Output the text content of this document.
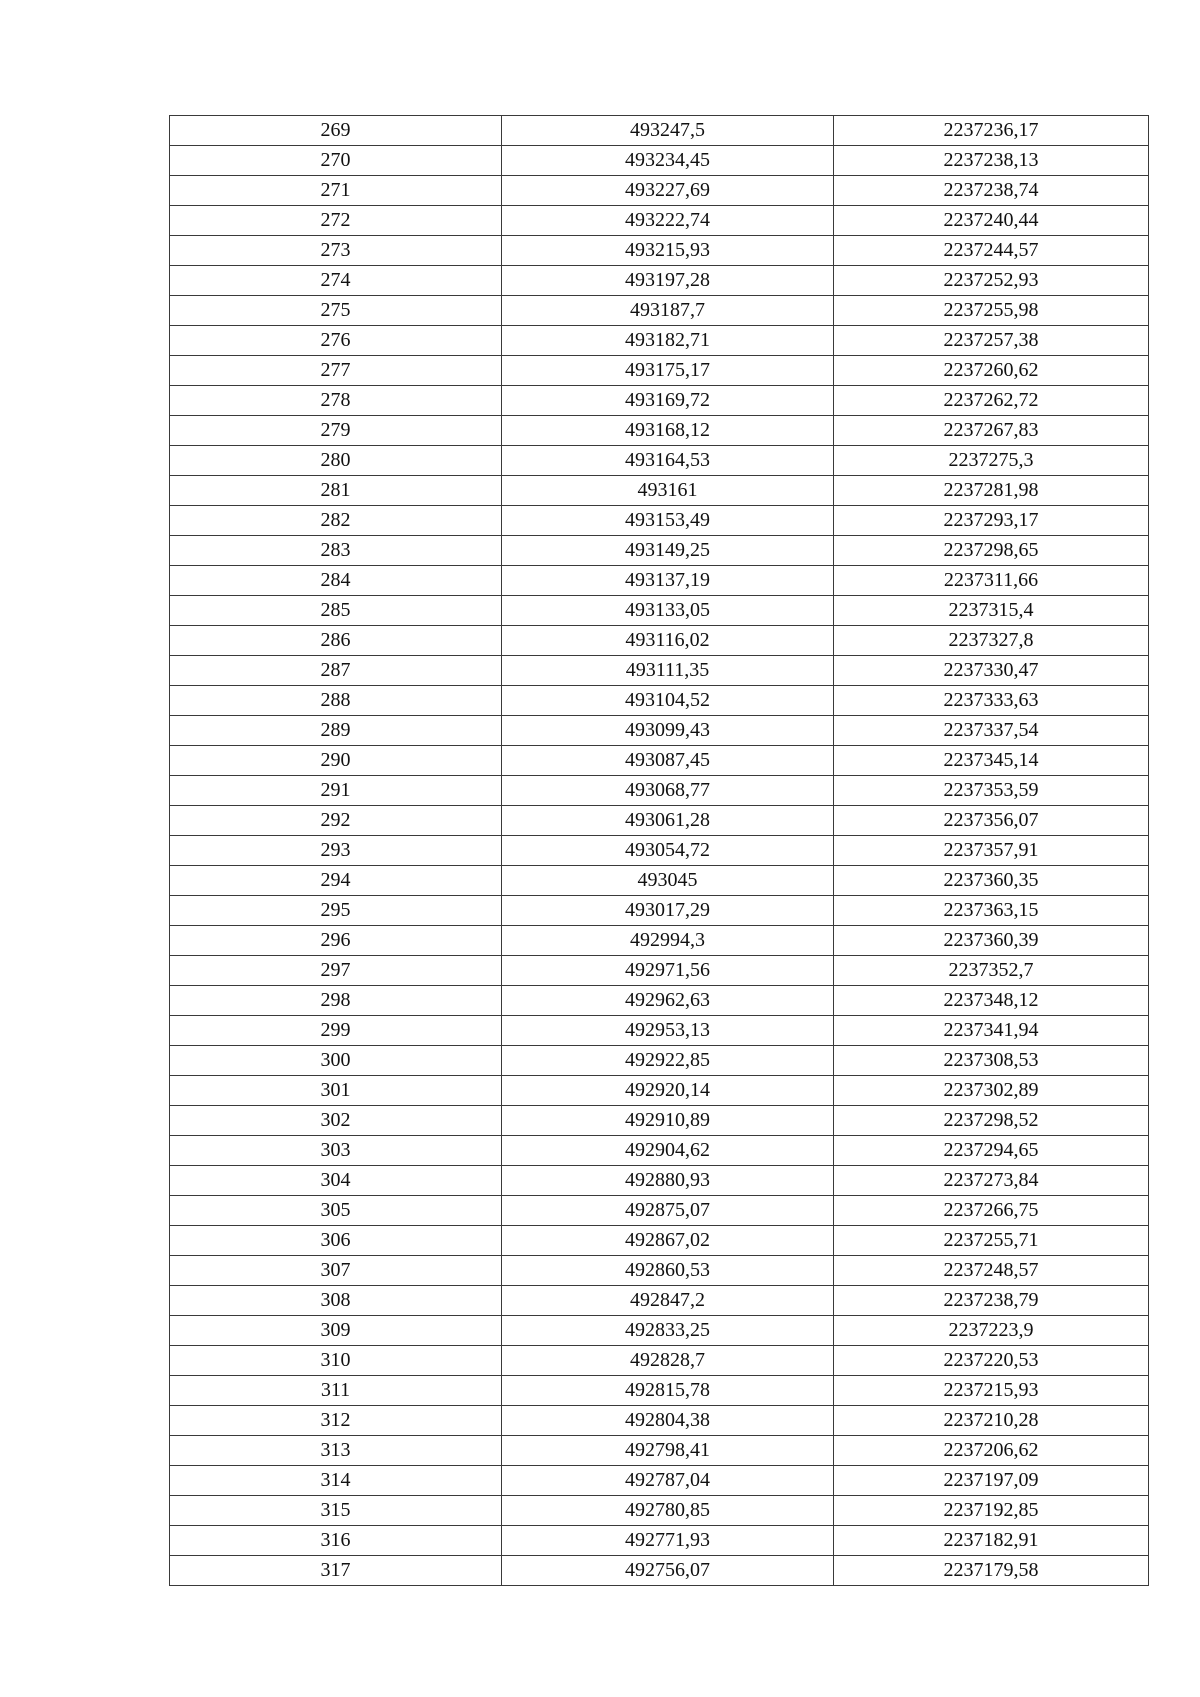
269	493247,5	2237236,17
270	493234,45	2237238,13
271	493227,69	2237238,74
272	493222,74	2237240,44
273	493215,93	2237244,57
274	493197,28	2237252,93
275	493187,7	2237255,98
276	493182,71	2237257,38
277	493175,17	2237260,62
278	493169,72	2237262,72
279	493168,12	2237267,83
280	493164,53	2237275,3
281	493161	2237281,98
282	493153,49	2237293,17
283	493149,25	2237298,65
284	493137,19	2237311,66
285	493133,05	2237315,4
286	493116,02	2237327,8
287	493111,35	2237330,47
288	493104,52	2237333,63
289	493099,43	2237337,54
290	493087,45	2237345,14
291	493068,77	2237353,59
292	493061,28	2237356,07
293	493054,72	2237357,91
294	493045	2237360,35
295	493017,29	2237363,15
296	492994,3	2237360,39
297	492971,56	2237352,7
298	492962,63	2237348,12
299	492953,13	2237341,94
300	492922,85	2237308,53
301	492920,14	2237302,89
302	492910,89	2237298,52
303	492904,62	2237294,65
304	492880,93	2237273,84
305	492875,07	2237266,75
306	492867,02	2237255,71
307	492860,53	2237248,57
308	492847,2	2237238,79
309	492833,25	2237223,9
310	492828,7	2237220,53
311	492815,78	2237215,93
312	492804,38	2237210,28
313	492798,41	2237206,62
314	492787,04	2237197,09
315	492780,85	2237192,85
316	492771,93	2237182,91
317	492756,07	2237179,58
